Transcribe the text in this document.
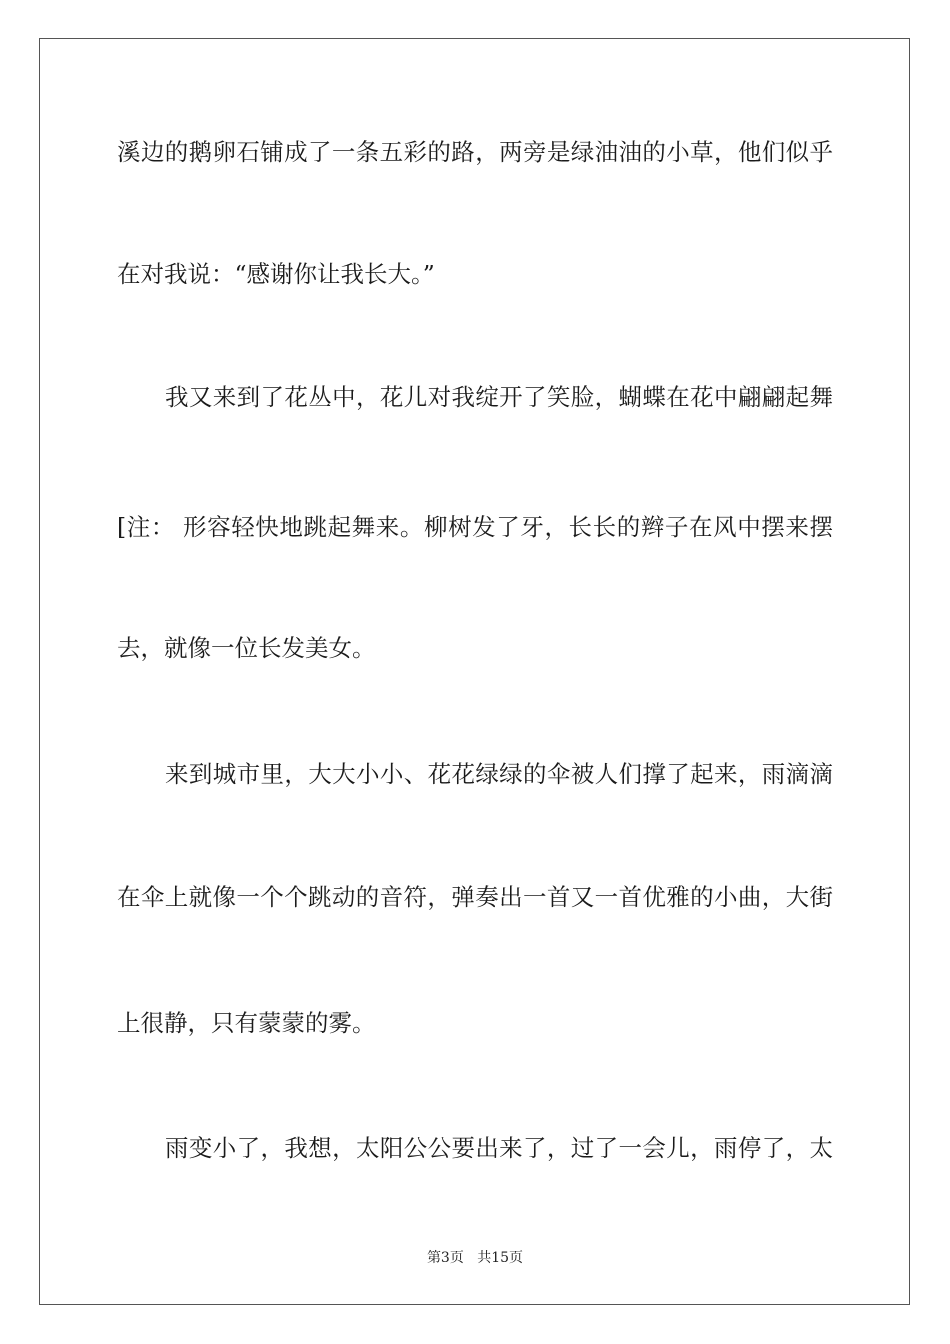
溪边的鹅卵石铺成了一条五彩的路，两旁是绿油油的小草，他们似乎

在对我说：“感谢你让我长大。”

我又来到了花丛中，花儿对我绽开了笑脸，蝴蝶在花中翩翩起舞

[注： 形容轻快地跳起舞来。柳树发了牙，长长的辫子在风中摆来摆

去，就像一位长发美女。

来到城市里，大大小小、花花绿绿的伞被人们撑了起来，雨滴滴

在伞上就像一个个跳动的音符，弹奏出一首又一首优雅的小曲，大街

上很静，只有蒙蒙的雾。

雨变小了，我想，太阳公公要出来了，过了一会儿，雨停了，太

第3页 共15页
